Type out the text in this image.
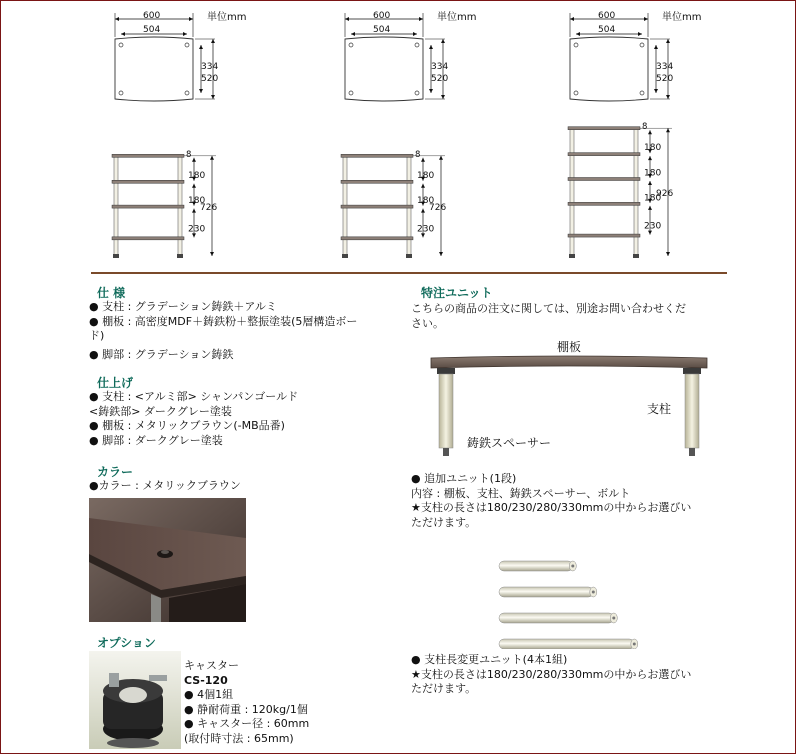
600
504
単位mm
334
520
600
504
単位mm
334
520
600
504
単位mm
334
520
8
180
180
230
726
8
180
180
230
726
8
180
180
180
230
926
仕 様
● 支柱 : グラデーション鋳鉄＋アルミ
● 棚板 : 高密度MDF＋鋳鉄粉＋整振塗装(5層構造ボー
ド)
● 脚部 : グラデーション鋳鉄
仕上げ
● 支柱 : <アルミ部> シャンパンゴールド
<鋳鉄部> ダークグレー塗装
● 棚板 : メタリックブラウン(-MB品番)
● 脚部 : ダークグレー塗装
カラー
●カラー : メタリックブラウン
オプション
キャスター
CS-120
● 4個1組
● 静耐荷重 : 120kg/1個
● キャスター径 : 60mm
(取付時寸法 : 65mm)
特注ユニット
こちらの商品の注文に関しては、別途お問い合わせくだ
さい。
棚板
支柱
鋳鉄スペーサー
● 追加ユニット(1段)
内容 : 棚板、支柱、鋳鉄スペーサー、ボルト
★支柱の長さは180/230/280/330mmの中からお選びい
ただけます。
● 支柱長変更ユニット(4本1組)
★支柱の長さは180/230/280/330mmの中からお選びい
ただけます。
